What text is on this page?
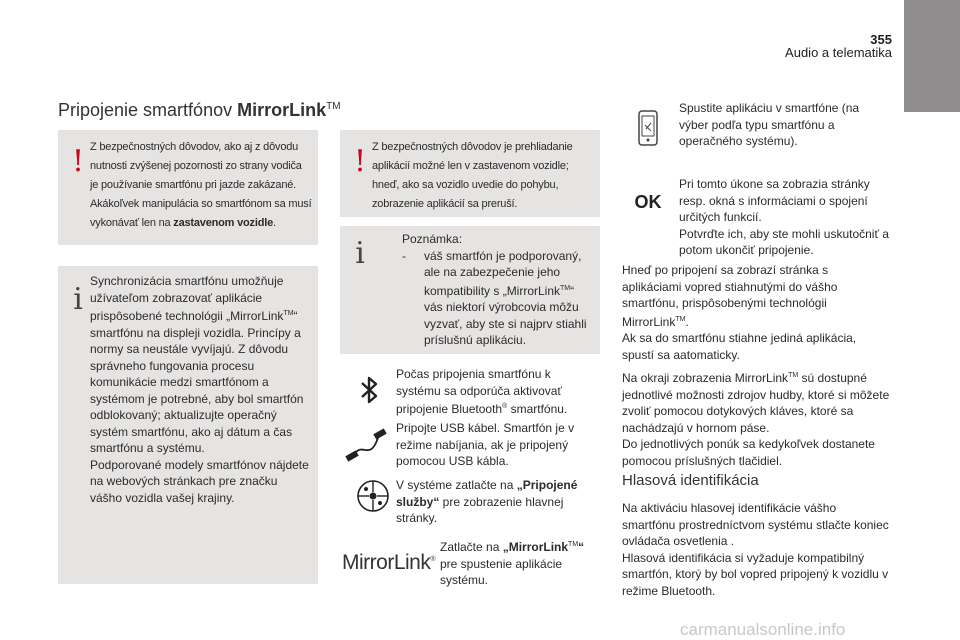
355
Audio a telematika
Pripojenie smartfónov MirrorLink™
! Z bezpečnostných dôvodov, ako aj z dôvodu nutnosti zvýšenej pozornosti zo strany vodiča je používanie smartfónu pri jazde zakázané. Akákoľvek manipulácia so smartfónom sa musí vykonávať len na zastavenom vozidle.
! Z bezpečnostných dôvodov je prehliadanie aplikácií možné len v zastavenom vozidle; hneď, ako sa vozidlo uvedie do pohybu, zobrazenie aplikácií sa preruší.
i
Synchronizácia smartfónu umožňuje užívateľom zobrazovať aplikácie prispôsobené technológii „MirrorLink™“ smartfónu na displeji vozidla. Princípy a normy sa neustále vyvíjajú. Z dôvodu správneho fungovania procesu komunikácie medzi smartfónom a systémom je potrebné, aby bol smartfón odblokovaný; aktualizujte operačný systém smartfónu, ako aj dátum a čas smartfónu a systému.
Podporované modely smartfónov nájdete na webových stránkach pre značku vášho vozidla vašej krajiny.
i	Poznámka:
- váš smartfón je podporovaný, ale na zabezpečenie jeho kompatibility s „MirrorLink™“ vás niektorí výrobcovia môžu vyzvať, aby ste si najprv stiahli príslušnú aplikáciu.
Počas pripojenia smartfónu k systému sa odporúča aktivovať pripojenie Bluetooth® smartfónu.
Pripojte USB kábel. Smartfón je v režime nabíjania, ak je pripojený pomocou USB kábla.
V systéme zatlačte na „Pripojené služby“ pre zobrazenie hlavnej stránky.
MirrorLink®
Zatlačte na „MirrorLink™“ pre spustenie aplikácie systému.
Spustite aplikáciu v smartfóne (na výber podľa typu smartfónu a operačného systému).
OK
Pri tomto úkone sa zobrazia stránky resp. okná s informáciami o spojení určitých funkcií.
Potvrďte ich, aby ste mohli uskutočniť a potom ukončiť pripojenie.
Hneď po pripojení sa zobrazí stránka s aplikáciami vopred stiahnutými do vášho smartfónu, prispôsobenými technológii MirrorLink™.
Ak sa do smartfónu stiahne jediná aplikácia, spustí sa aatomaticky.
Na okraji zobrazenia MirrorLink™ sú dostupné jednotlivé možnosti zdrojov hudby, ktoré si môžete zvoliť pomocou dotykových kláves, ktoré sa nachádzajú v hornom páse.
Do jednotlivých ponúk sa kedykoľvek dostanete pomocou príslušných tlačidiel.
Hlasová identifikácia
Na aktiváciu hlasovej identifikácie vášho smartfónu prostredníctvom systému stlačte koniec ovládača osvetlenia .
Hlasová identifikácia si vyžaduje kompatibilný smartfón, ktorý by bol vopred pripojený k vozidlu v režime Bluetooth.
carmanualsonline.info
